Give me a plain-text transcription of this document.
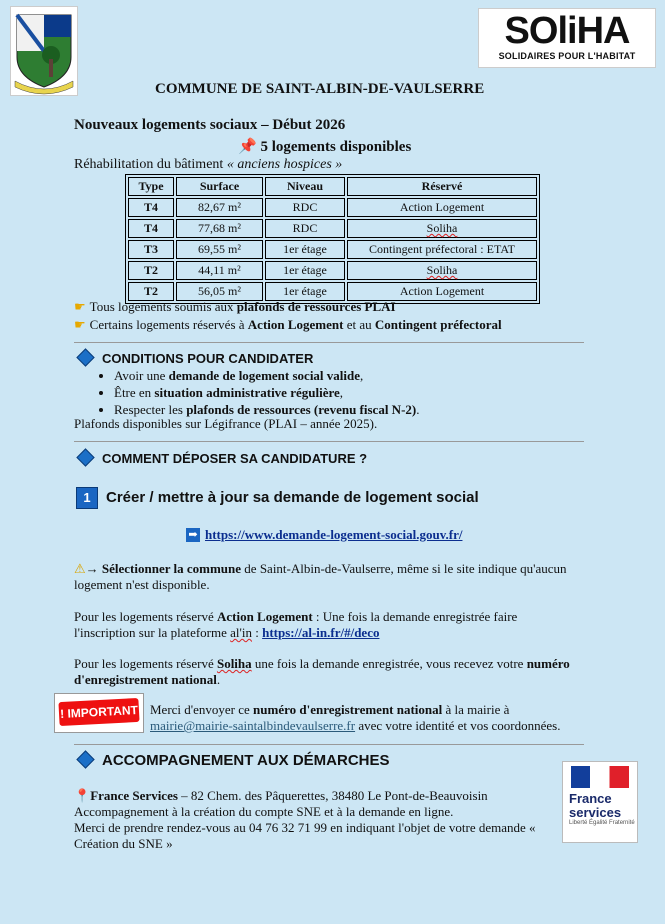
SOliHA
SOLIDAIRES POUR L'HABITAT
COMMUNE DE SAINT-ALBIN-DE-VAULSERRE
Nouveaux logements sociaux – Début 2026
📌 5 logements disponibles
Réhabilitation du bâtiment « anciens hospices »
Type	Surface	Niveau	Réservé
T4	82,67 m²	RDC	Action Logement
T4	77,68 m²	RDC	Soliha
T3	69,55 m²	1er étage	Contingent préfectoral : ETAT
T2	44,11 m²	1er étage	Soliha
T2	56,05 m²	1er étage	Action Logement
☛ Tous logements soumis aux plafonds de ressources PLAI
☛ Certains logements réservés à Action Logement et au Contingent préfectoral
CONDITIONS POUR CANDIDATER
• Avoir une demande de logement social valide,
• Être en situation administrative régulière,
• Respecter les plafonds de ressources (revenu fiscal N-2).
Plafonds disponibles sur Légifrance (PLAI – année 2025).
COMMENT DÉPOSER SA CANDIDATURE ?
1 Créer / mettre à jour sa demande de logement social
➡ https://www.demande-logement-social.gouv.fr/
⚠→ Sélectionner la commune de Saint-Albin-de-Vaulserre, même si le site indique qu'aucun logement n'est disponible.
Pour les logements réservé Action Logement : Une fois la demande enregistrée faire l'inscription sur la plateforme al'in : https://al-in.fr/#/deco
Pour les logements réservé Soliha une fois la demande enregistrée, vous recevez votre numéro d'enregistrement national.
! IMPORTANT Merci d'envoyer ce numéro d'enregistrement national à la mairie à
mairie@mairie-saintalbindevaulserre.fr avec votre identité et vos coordonnées.
ACCOMPAGNEMENT AUX DÉMARCHES
📍France Services – 82 Chem. des Pâquerettes, 38480 Le Pont-de-Beauvoisin
Accompagnement à la création du compte SNE et à la demande en ligne.
Merci de prendre rendez-vous au 04 76 32 71 99 en indiquant l'objet de votre demande « Création du SNE »
France
services
Liberté Égalité Fraternité
